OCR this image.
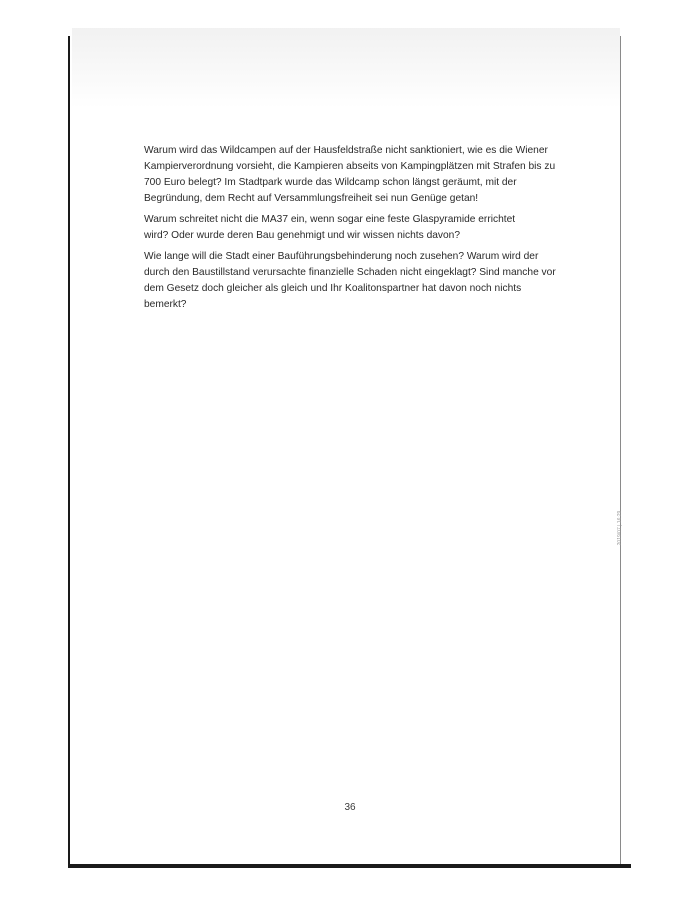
Warum wird das Wildcampen auf der Hausfeldstraße nicht sanktioniert, wie es die Wiener
Kampierverordnung vorsieht, die Kampieren abseits von Kampingplätzen mit Strafen bis zu
700 Euro belegt? Im Stadtpark wurde das Wildcamp schon längst geräumt, mit der
Begründung, dem Recht auf Versammlungsfreiheit sei nun Genüge getan!

Warum schreitet nicht die MA37 ein, wenn sogar eine feste Glaspyramide errichtet
wird? Oder wurde deren Bau genehmigt und wir wissen nichts davon?

Wie lange will die Stadt einer Bauführungsbehinderung noch zusehen? Warum wird der
durch den Baustillstand verursachte finanzielle Schaden nicht eingeklagt? Sind manche vor
dem Gesetz doch gleicher als gleich und Ihr Koalitonspartner hat davon noch nichts
bemerkt?

2019/07 | 16:29
36
